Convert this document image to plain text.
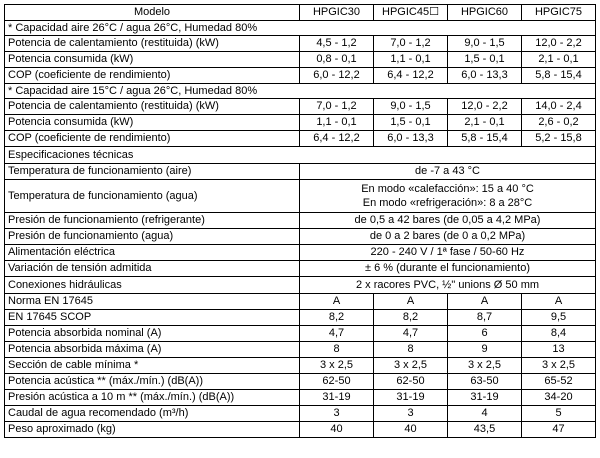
Modelo	HPGIC30	HPGIC45☐	HPGIC60	HPGIC75
* Capacidad aire 26°C / agua 26°C, Humedad 80%				
Potencia de calentamiento (restituida) (kW)	4,5 - 1,2	7,0 - 1,2	9,0 - 1,5	12,0 - 2,2
Potencia consumida (kW)	0,8 - 0,1	1,1 - 0,1	1,5 - 0,1	2,1 - 0,1
COP (coeficiente de rendimiento)	6,0 - 12,2	6,4 - 12,2	6,0 - 13,3	5,8 - 15,4
* Capacidad aire 15°C / agua 26°C, Humedad 80%				
Potencia de calentamiento (restituida) (kW)	7,0 - 1,2	9,0 - 1,5	12,0 - 2,2	14,0 - 2,4
Potencia consumida (kW)	1,1 - 0,1	1,5 - 0,1	2,1 - 0,1	2,6 - 0,2
COP (coeficiente de rendimiento)	6,4 - 12,2	6,0 - 13,3	5,8 - 15,4	5,2 - 15,8
Especificaciones técnicas				
Temperatura de funcionamiento (aire)	de -7 a 43 °C			
Temperatura de funcionamiento (agua)	En modo «calefacción»: 15 a 40 °C
En modo «refrigeración»: 8 a 28°C			

Presión de funcionamiento (refrigerante)	de 0,5 a 42 bares (de 0,05 a 4,2 MPa)			
Presión de funcionamiento (agua)	de 0 a 2 bares (de 0 a 0,2 MPa)			
Alimentación eléctrica	220 - 240 V / 1ª fase / 50-60 Hz			
Variación de tensión admitida	± 6 % (durante el funcionamiento)			
Conexiones hidráulicas	2 x racores PVC, ½" unions Ø 50 mm			
Norma EN 17645	A	A	A	A
EN 17645 SCOP	8,2	8,2	8,7	9,5
Potencia absorbida nominal (A)	4,7	4,7	6	8,4
Potencia absorbida máxima (A)	8	8	9	13
Sección de cable mínima *	3 x 2,5	3 x 2,5	3 x 2,5	3 x 2,5
Potencia acústica ** (máx./mín.) (dB(A))	62-50	62-50	63-50	65-52
Presión acústica a 10 m ** (máx./mín.) (dB(A))	31-19	31-19	31-19	34-20
Caudal de agua recomendado (m³/h)	3	3	4	5
Peso aproximado (kg)	40	40	43,5	47
